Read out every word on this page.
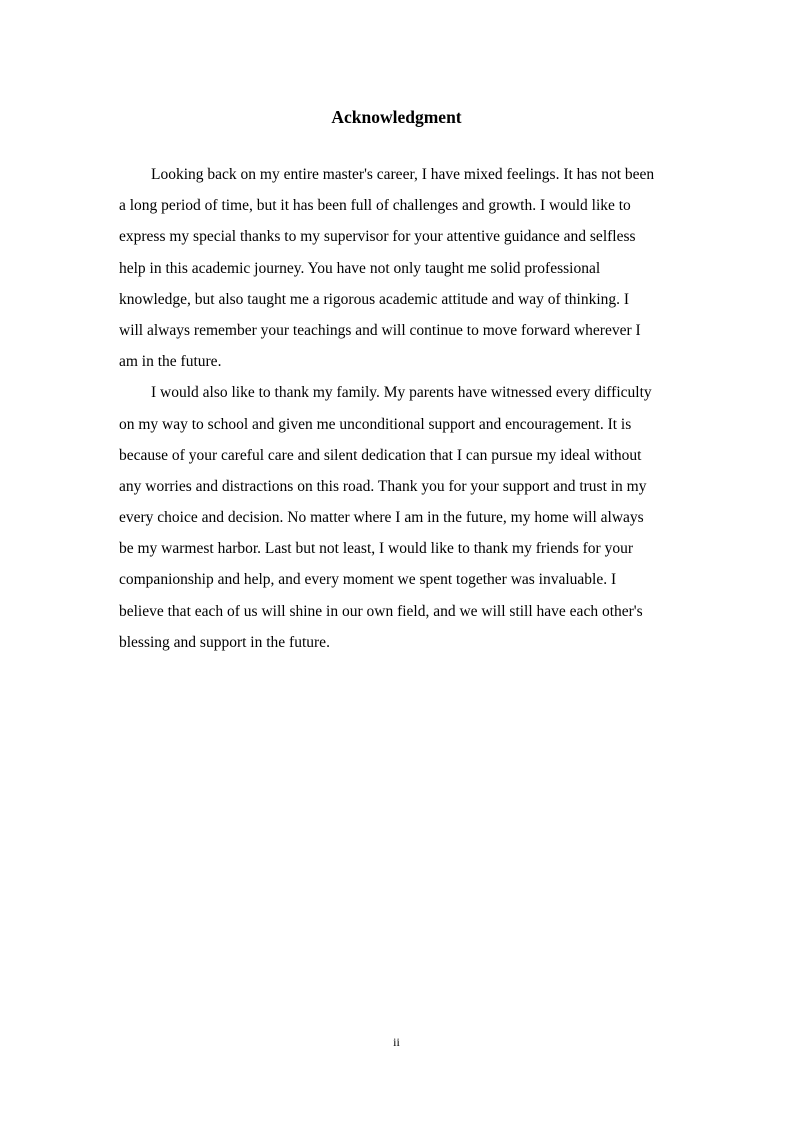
Acknowledgment
Looking back on my entire master's career, I have mixed feelings. It has not been
a long period of time, but it has been full of challenges and growth. I would like to
express my special thanks to my supervisor for your attentive guidance and selfless
help in this academic journey. You have not only taught me solid professional
knowledge, but also taught me a rigorous academic attitude and way of thinking. I
will always remember your teachings and will continue to move forward wherever I
am in the future.
I would also like to thank my family. My parents have witnessed every difficulty
on my way to school and given me unconditional support and encouragement. It is
because of your careful care and silent dedication that I can pursue my ideal without
any worries and distractions on this road. Thank you for your support and trust in my
every choice and decision. No matter where I am in the future, my home will always
be my warmest harbor. Last but not least, I would like to thank my friends for your
companionship and help, and every moment we spent together was invaluable. I
believe that each of us will shine in our own field, and we will still have each other's
blessing and support in the future.
ii
